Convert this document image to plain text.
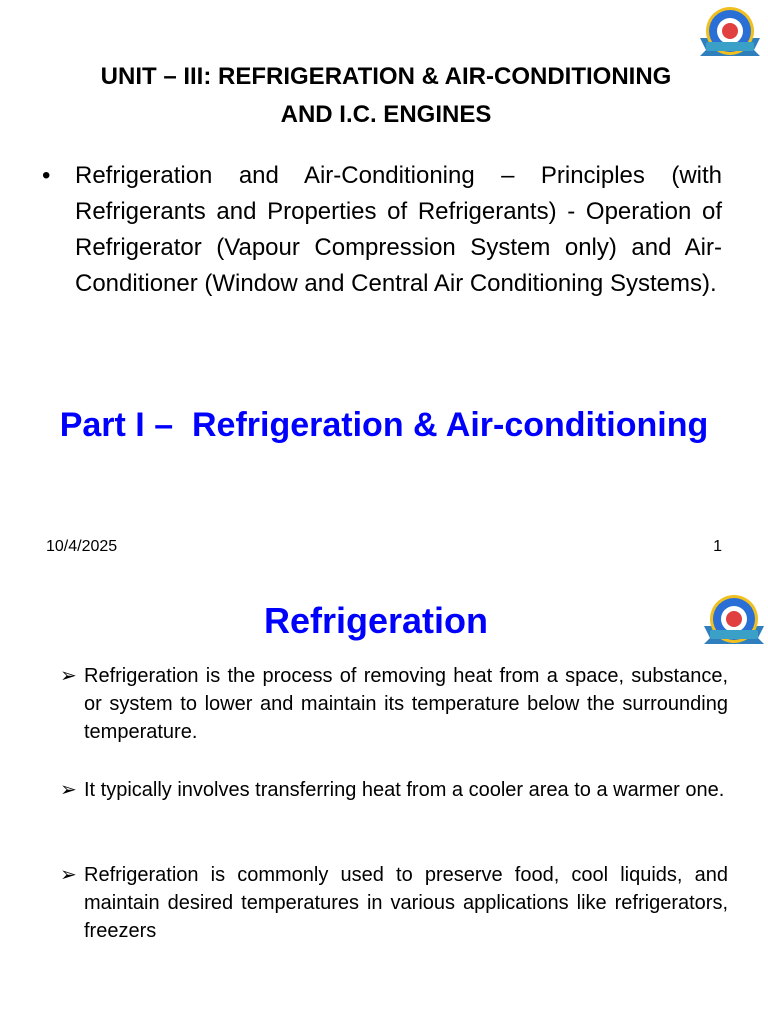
UNIT – III: REFRIGERATION & AIR-CONDITIONING
AND I.C. ENGINES
•	Refrigeration and Air-Conditioning – Principles (with Refrigerants and Properties of Refrigerants) - Operation of Refrigerator (Vapour Compression System only) and Air-Conditioner (Window and Central Air Conditioning Systems).
Part I –  Refrigeration & Air-conditioning
10/4/2025	1
Refrigeration
➢ Refrigeration is the process of removing heat from a space, substance, or system to lower and maintain its temperature below the surrounding temperature.
➢ It typically involves transferring heat from a cooler area to a warmer one.
➢ Refrigeration is commonly used to preserve food, cool liquids, and maintain desired temperatures in various applications like refrigerators, freezers
